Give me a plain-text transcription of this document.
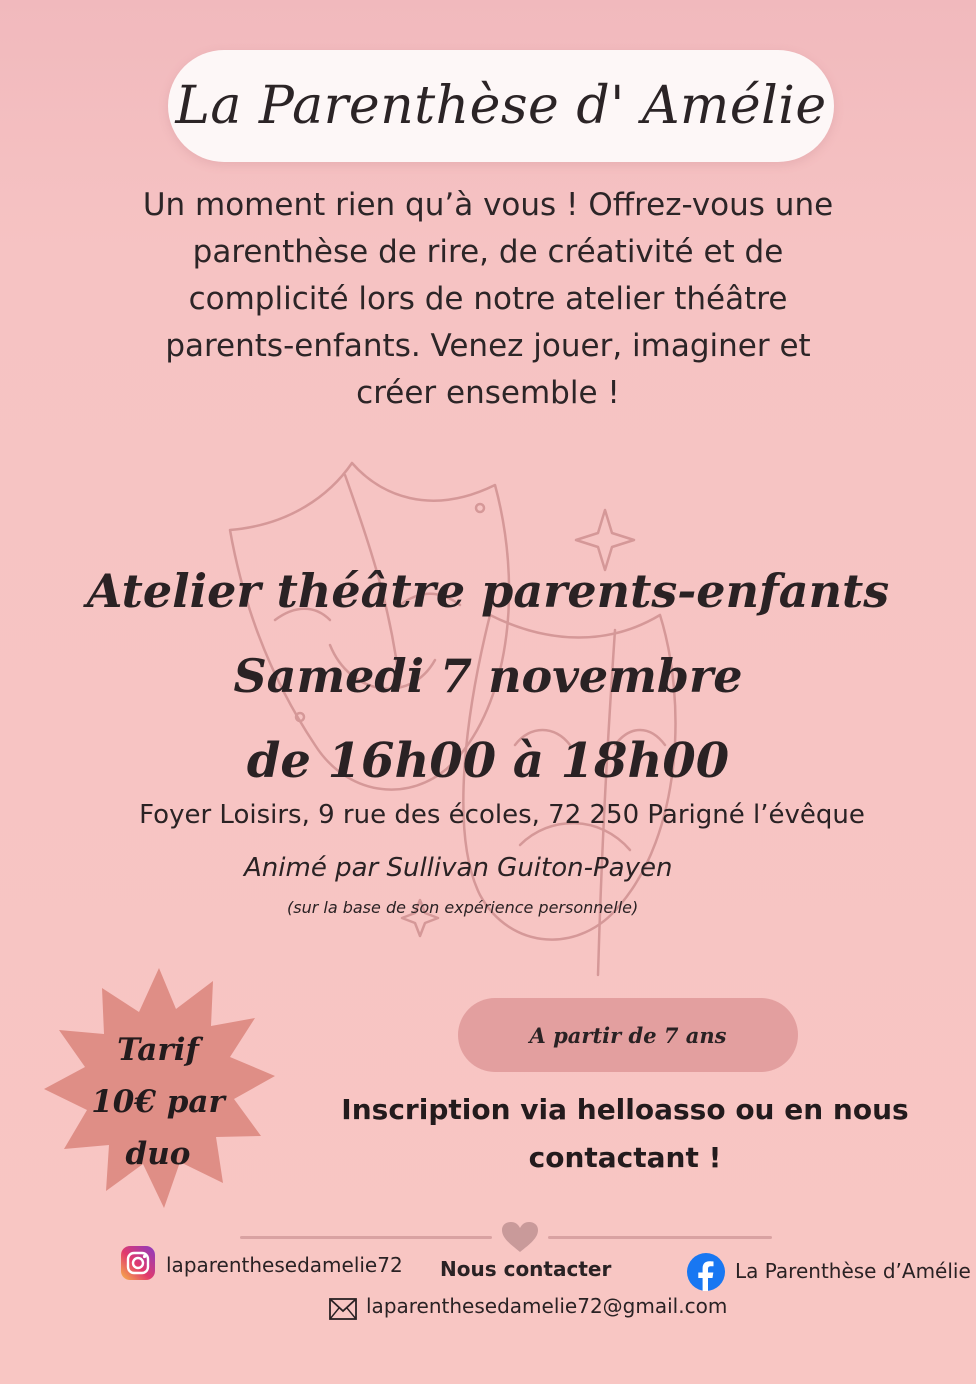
La Parenthèse d' Amélie
Un moment rien qu’à vous ! Offrez-vous une
parenthèse de rire, de créativité et de
complicité lors de notre atelier théâtre
parents-enfants. Venez jouer, imaginer et
créer ensemble !
Atelier théâtre parents-enfants
Samedi 7 novembre
de 16h00 à 18h00
Foyer Loisirs, 9 rue des écoles, 72 250 Parigné l’évêque
Animé par Sullivan Guiton-Payen
(sur la base de son expérience personnelle)
Tarif
10€ par
duo
A partir de 7 ans
Inscription via helloasso ou en nous
contactant !
laparenthesedamelie72 Nous contacter	La Parenthèse d’Amélie
laparenthesedamelie72@gmail.com
